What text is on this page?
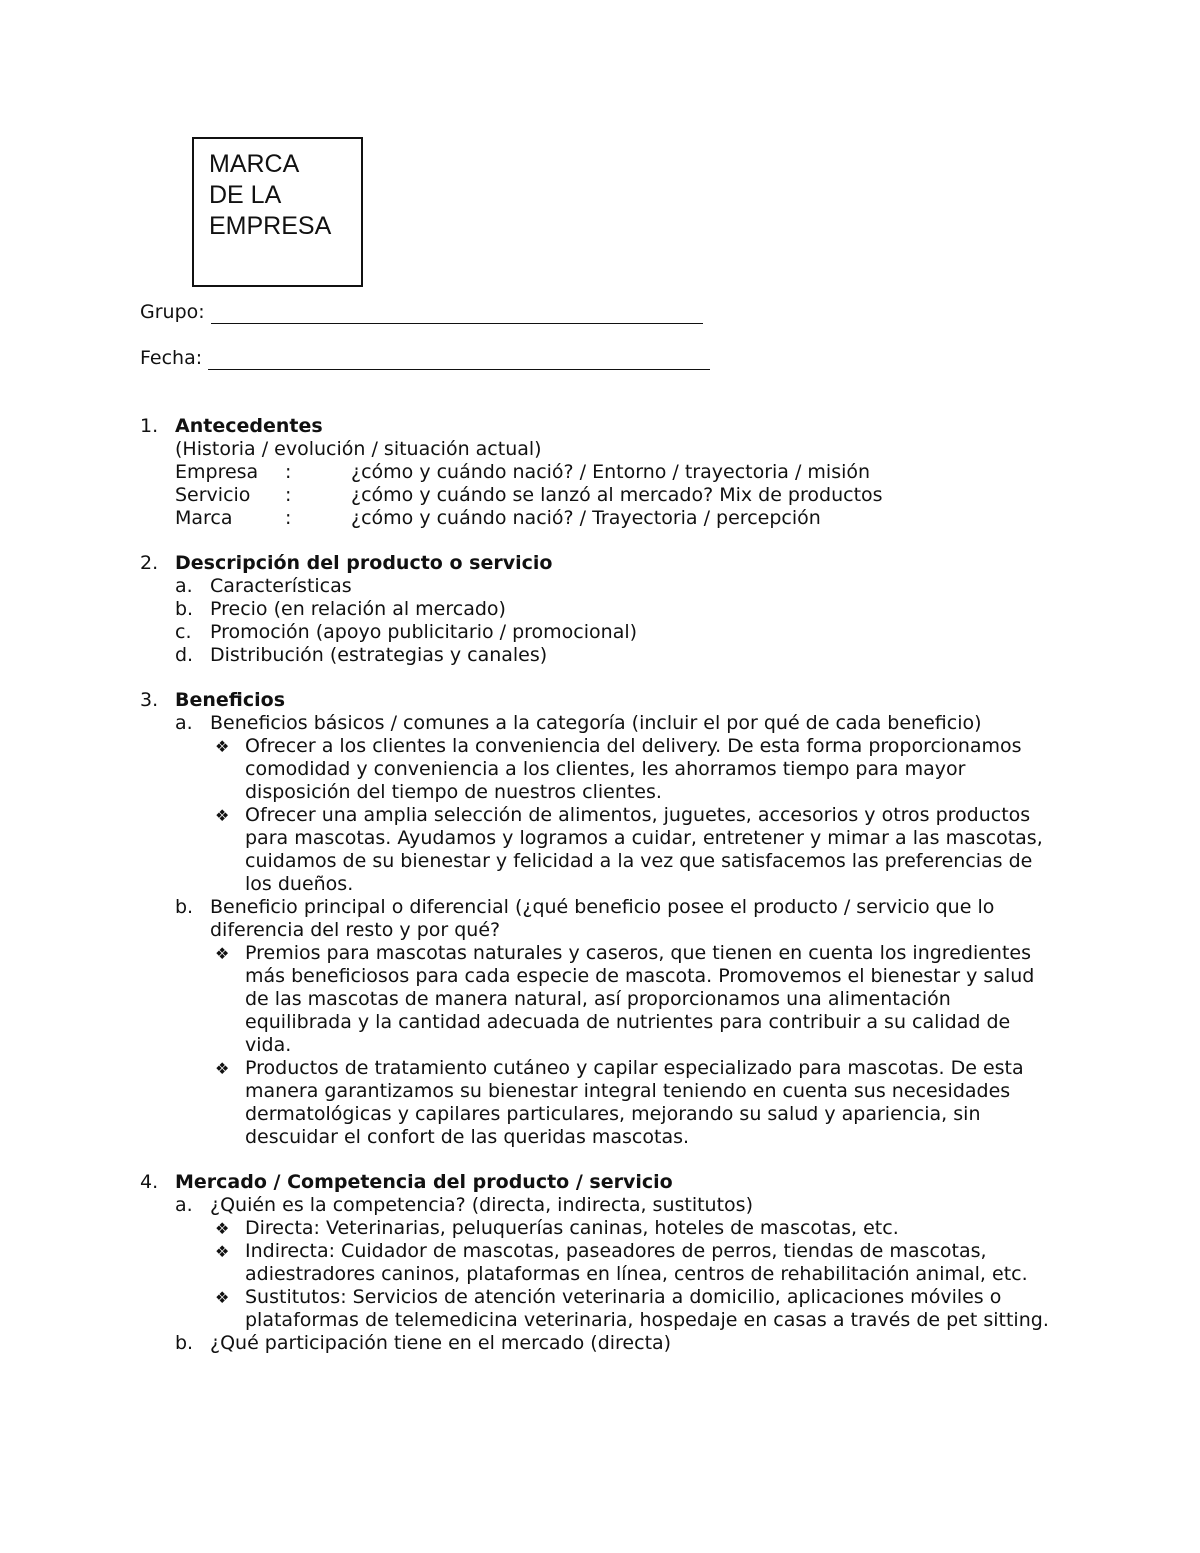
MARCA
DE LA
EMPRESA
Grupo:
Fecha:
1. Antecedentes
(Historia / evolución / situación actual)
Empresa	:	¿cómo y cuándo nació? / Entorno / trayectoria / misión
Servicio	:	¿cómo y cuándo se lanzó al mercado? Mix de productos
Marca	:	¿cómo y cuándo nació? / Trayectoria / percepción
2. Descripción del producto o servicio
a. Características
b. Precio (en relación al mercado)
c. Promoción (apoyo publicitario / promocional)
d. Distribución (estrategias y canales)
3. Beneficios
a. Beneficios básicos / comunes a la categoría (incluir el por qué de cada beneficio)
❖ Ofrecer a los clientes la conveniencia del delivery. De esta forma proporcionamos comodidad y conveniencia a los clientes, les ahorramos tiempo para mayor disposición del tiempo de nuestros clientes.
❖ Ofrecer una amplia selección de alimentos, juguetes, accesorios y otros productos para mascotas. Ayudamos y logramos a cuidar, entretener y mimar a las mascotas, cuidamos de su bienestar y felicidad a la vez que satisfacemos las preferencias de los dueños.
b. Beneficio principal o diferencial (¿qué beneficio posee el producto / servicio que lo diferencia del resto y por qué?
❖ Premios para mascotas naturales y caseros, que tienen en cuenta los ingredientes más beneficiosos para cada especie de mascota. Promovemos el bienestar y salud de las mascotas de manera natural, así proporcionamos una alimentación equilibrada y la cantidad adecuada de nutrientes para contribuir a su calidad de vida.
❖ Productos de tratamiento cutáneo y capilar especializado para mascotas. De esta manera garantizamos su bienestar integral teniendo en cuenta sus necesidades dermatológicas y capilares particulares, mejorando su salud y apariencia, sin descuidar el confort de las queridas mascotas.
4. Mercado / Competencia del producto / servicio
a. ¿Quién es la competencia? (directa, indirecta, sustitutos)
❖ Directa: Veterinarias, peluquerías caninas, hoteles de mascotas, etc.
❖ Indirecta: Cuidador de mascotas, paseadores de perros, tiendas de mascotas, adiestradores caninos, plataformas en línea, centros de rehabilitación animal, etc.
❖ Sustitutos: Servicios de atención veterinaria a domicilio, aplicaciones móviles o plataformas de telemedicina veterinaria, hospedaje en casas a través de pet sitting.
b. ¿Qué participación tiene en el mercado (directa)
